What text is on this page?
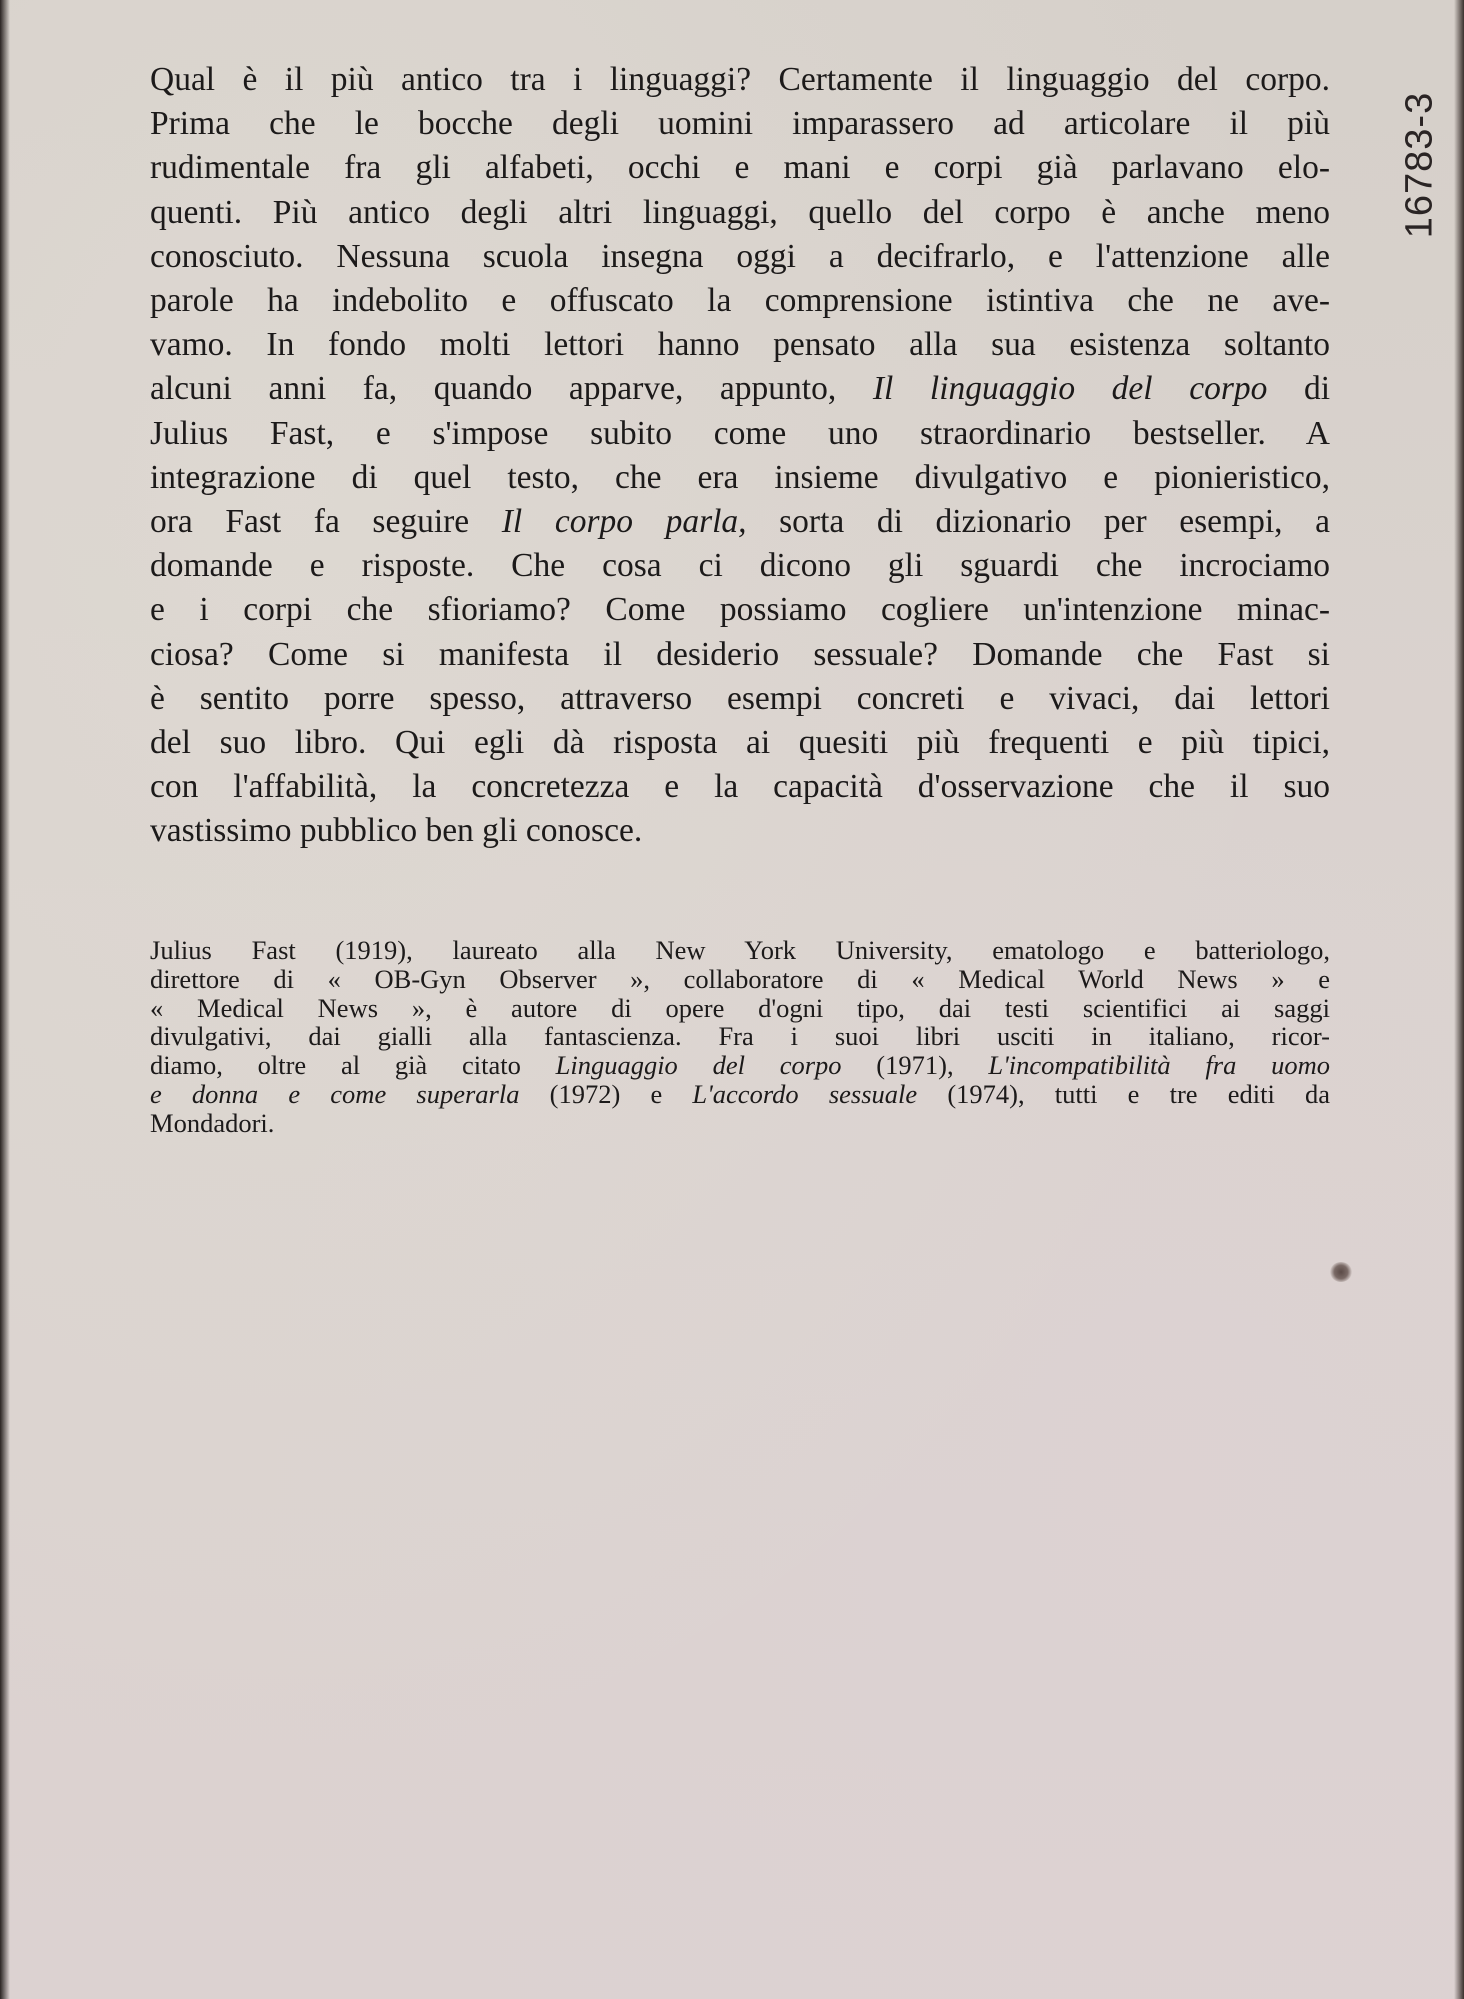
16783-3

Qual è il più antico tra i linguaggi? Certamente il linguaggio del corpo.
Prima che le bocche degli uomini imparassero ad articolare il più
rudimentale fra gli alfabeti, occhi e mani e corpi già parlavano elo-
quenti. Più antico degli altri linguaggi, quello del corpo è anche meno
conosciuto. Nessuna scuola insegna oggi a decifrarlo, e l'attenzione alle
parole ha indebolito e offuscato la comprensione istintiva che ne ave-
vamo. In fondo molti lettori hanno pensato alla sua esistenza soltanto
alcuni anni fa, quando apparve, appunto, Il linguaggio del corpo di
Julius Fast, e s'impose subito come uno straordinario bestseller. A
integrazione di quel testo, che era insieme divulgativo e pionieristico,
ora Fast fa seguire Il corpo parla, sorta di dizionario per esempi, a
domande e risposte. Che cosa ci dicono gli sguardi che incrociamo
e i corpi che sfioriamo? Come possiamo cogliere un'intenzione minac-
ciosa? Come si manifesta il desiderio sessuale? Domande che Fast si
è sentito porre spesso, attraverso esempi concreti e vivaci, dai lettori
del suo libro. Qui egli dà risposta ai quesiti più frequenti e più tipici,
con l'affabilità, la concretezza e la capacità d'osservazione che il suo
vastissimo pubblico ben gli conosce.

Julius Fast (1919), laureato alla New York University, ematologo e batteriologo,
direttore di « OB-Gyn Observer », collaboratore di « Medical World News » e
« Medical News », è autore di opere d'ogni tipo, dai testi scientifici ai saggi
divulgativi, dai gialli alla fantascienza. Fra i suoi libri usciti in italiano, ricor-
diamo, oltre al già citato Linguaggio del corpo (1971), L'incompatibilità fra uomo
e donna e come superarla (1972) e L'accordo sessuale (1974), tutti e tre editi da
Mondadori.
